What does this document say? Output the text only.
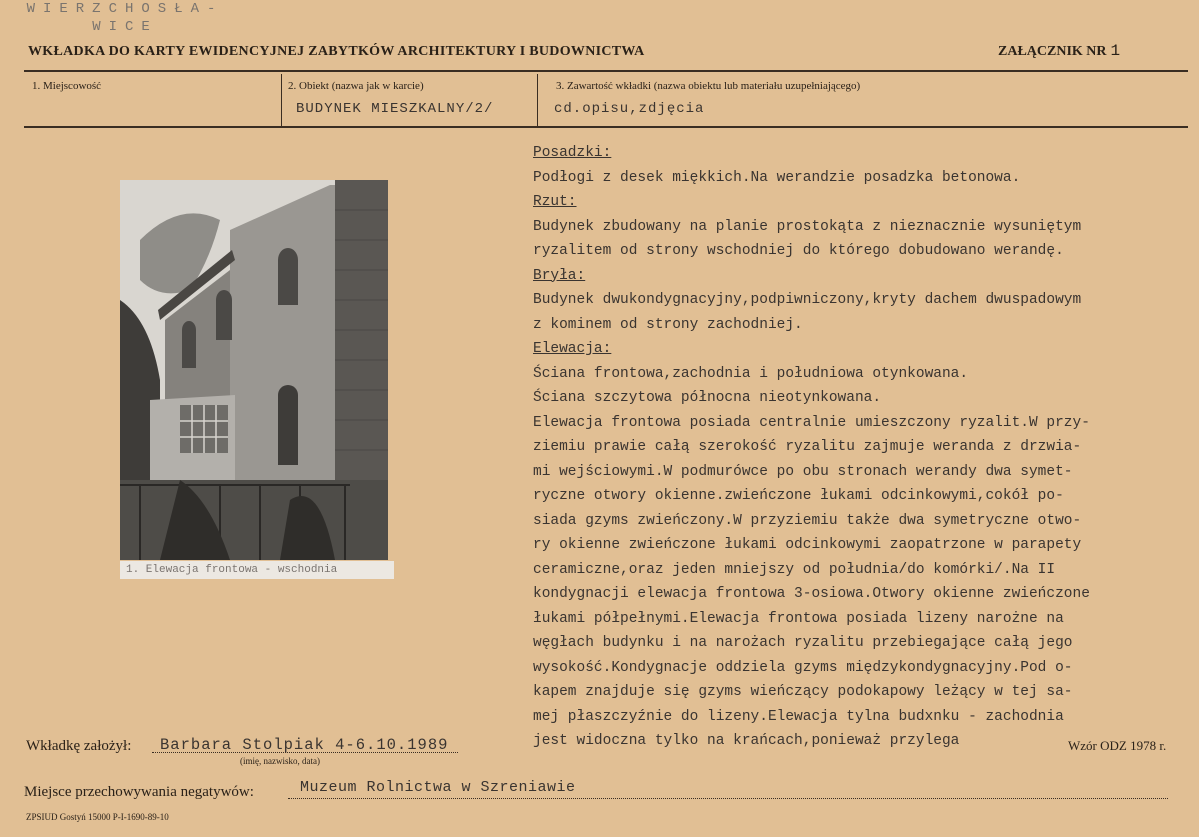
WKŁADKA DO KARTY EWIDENCYJNEJ ZABYTKÓW ARCHITEKTURY I BUDOWNICTWA	ZAŁĄCZNIK NR 1
1. Miejscowość
WIERZCHOSŁA-
WICE
2. Obiekt (nazwa jak w karcie)
BUDYNEK MIESZKALNY/2/
3. Zawartość wkładki (nazwa obiektu lub materiału uzupełniającego)
cd.opisu,zdjęcia
1. Elewacja frontowa - wschodnia
Posadzki:
Podłogi z desek miękkich.Na werandzie posadzka betonowa.
Rzut:
Budynek zbudowany na planie prostokąta z nieznacznie wysuniętym
ryzalitem od strony wschodniej do którego dobudowano werandę.
Bryła:
Budynek dwukondygnacyjny,podpiwniczony,kryty dachem dwuspadowym
z kominem od strony zachodniej.
Elewacja:
Ściana frontowa,zachodnia i południowa otynkowana.
Ściana szczytowa północna nieotynkowana.
Elewacja frontowa posiada centralnie umieszczony ryzalit.W przy-
ziemiu prawie całą szerokość ryzalitu zajmuje weranda z drzwia-
mi wejściowymi.W podmurówce po obu stronach werandy dwa symet-
ryczne otwory okienne.zwieńczone łukami odcinkowymi,cokół po-
siada gzyms zwieńczony.W przyziemiu także dwa symetryczne otwo-
ry okienne zwieńczone łukami odcinkowymi zaopatrzone w parapety
ceramiczne,oraz jeden mniejszy od południa/do komórki/.Na II
kondygnacji elewacja frontowa 3-osiowa.Otwory okienne zwieńczone
łukami półpełnymi.Elewacja frontowa posiada lizeny narożne na
węgłach budynku i na narożach ryzalitu przebiegające całą jego
wysokość.Kondygnacje oddziela gzyms międzykondygnacyjny.Pod o-
kapem znajduje się gzyms wieńczący podokapowy leżący w tej sa-
mej płaszczyźnie do lizeny.Elewacja tylna budxnku - zachodnia
jest widoczna tylko na krańcach,ponieważ przylega
Wkładkę założył: Barbara Stolpiak 4-6.10.1989
(imię, nazwisko, data)
Wzór ODZ 1978 r.
Miejsce przechowywania negatywów:	Muzeum Rolnictwa w Szreniawie
ZPSIUD Gostyń 15000 P-I-1690-89-10
